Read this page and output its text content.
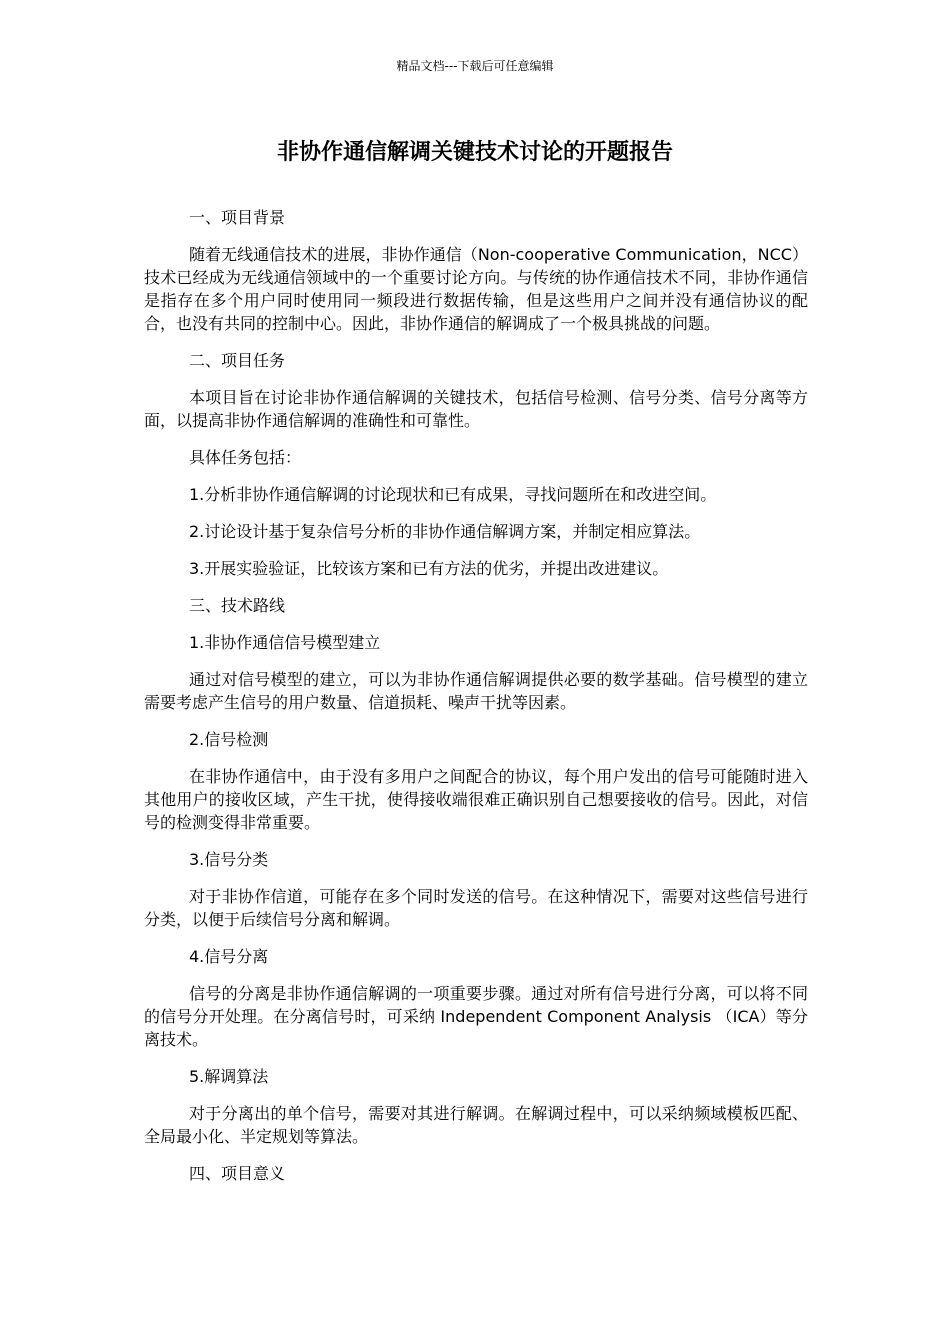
精品文档---下载后可任意编辑
非协作通信解调关键技术讨论的开题报告

一、项目背景

随着无线通信技术的进展，非协作通信（Non-cooperative Communication，NCC）技术已经成为无线通信领域中的一个重要讨论方向。与传统的协作通信技术不同，非协作通信是指存在多个用户同时使用同一频段进行数据传输，但是这些用户之间并没有通信协议的配合，也没有共同的控制中心。因此，非协作通信的解调成了一个极具挑战的问题。

二、项目任务

本项目旨在讨论非协作通信解调的关键技术，包括信号检测、信号分类、信号分离等方面，以提高非协作通信解调的准确性和可靠性。

具体任务包括：

1.分析非协作通信解调的讨论现状和已有成果，寻找问题所在和改进空间。

2.讨论设计基于复杂信号分析的非协作通信解调方案，并制定相应算法。

3.开展实验验证，比较该方案和已有方法的优劣，并提出改进建议。

三、技术路线

1.非协作通信信号模型建立

通过对信号模型的建立，可以为非协作通信解调提供必要的数学基础。信号模型的建立需要考虑产生信号的用户数量、信道损耗、噪声干扰等因素。

2.信号检测

在非协作通信中，由于没有多用户之间配合的协议，每个用户发出的信号可能随时进入其他用户的接收区域，产生干扰，使得接收端很难正确识别自己想要接收的信号。因此，对信号的检测变得非常重要。

3.信号分类

对于非协作信道，可能存在多个同时发送的信号。在这种情况下，需要对这些信号进行分类，以便于后续信号分离和解调。

4.信号分离

信号的分离是非协作通信解调的一项重要步骤。通过对所有信号进行分离，可以将不同的信号分开处理。在分离信号时，可采纳 Independent Component Analysis （ICA）等分离技术。

5.解调算法

对于分离出的单个信号，需要对其进行解调。在解调过程中，可以采纳频域模板匹配、全局最小化、半定规划等算法。

四、项目意义
